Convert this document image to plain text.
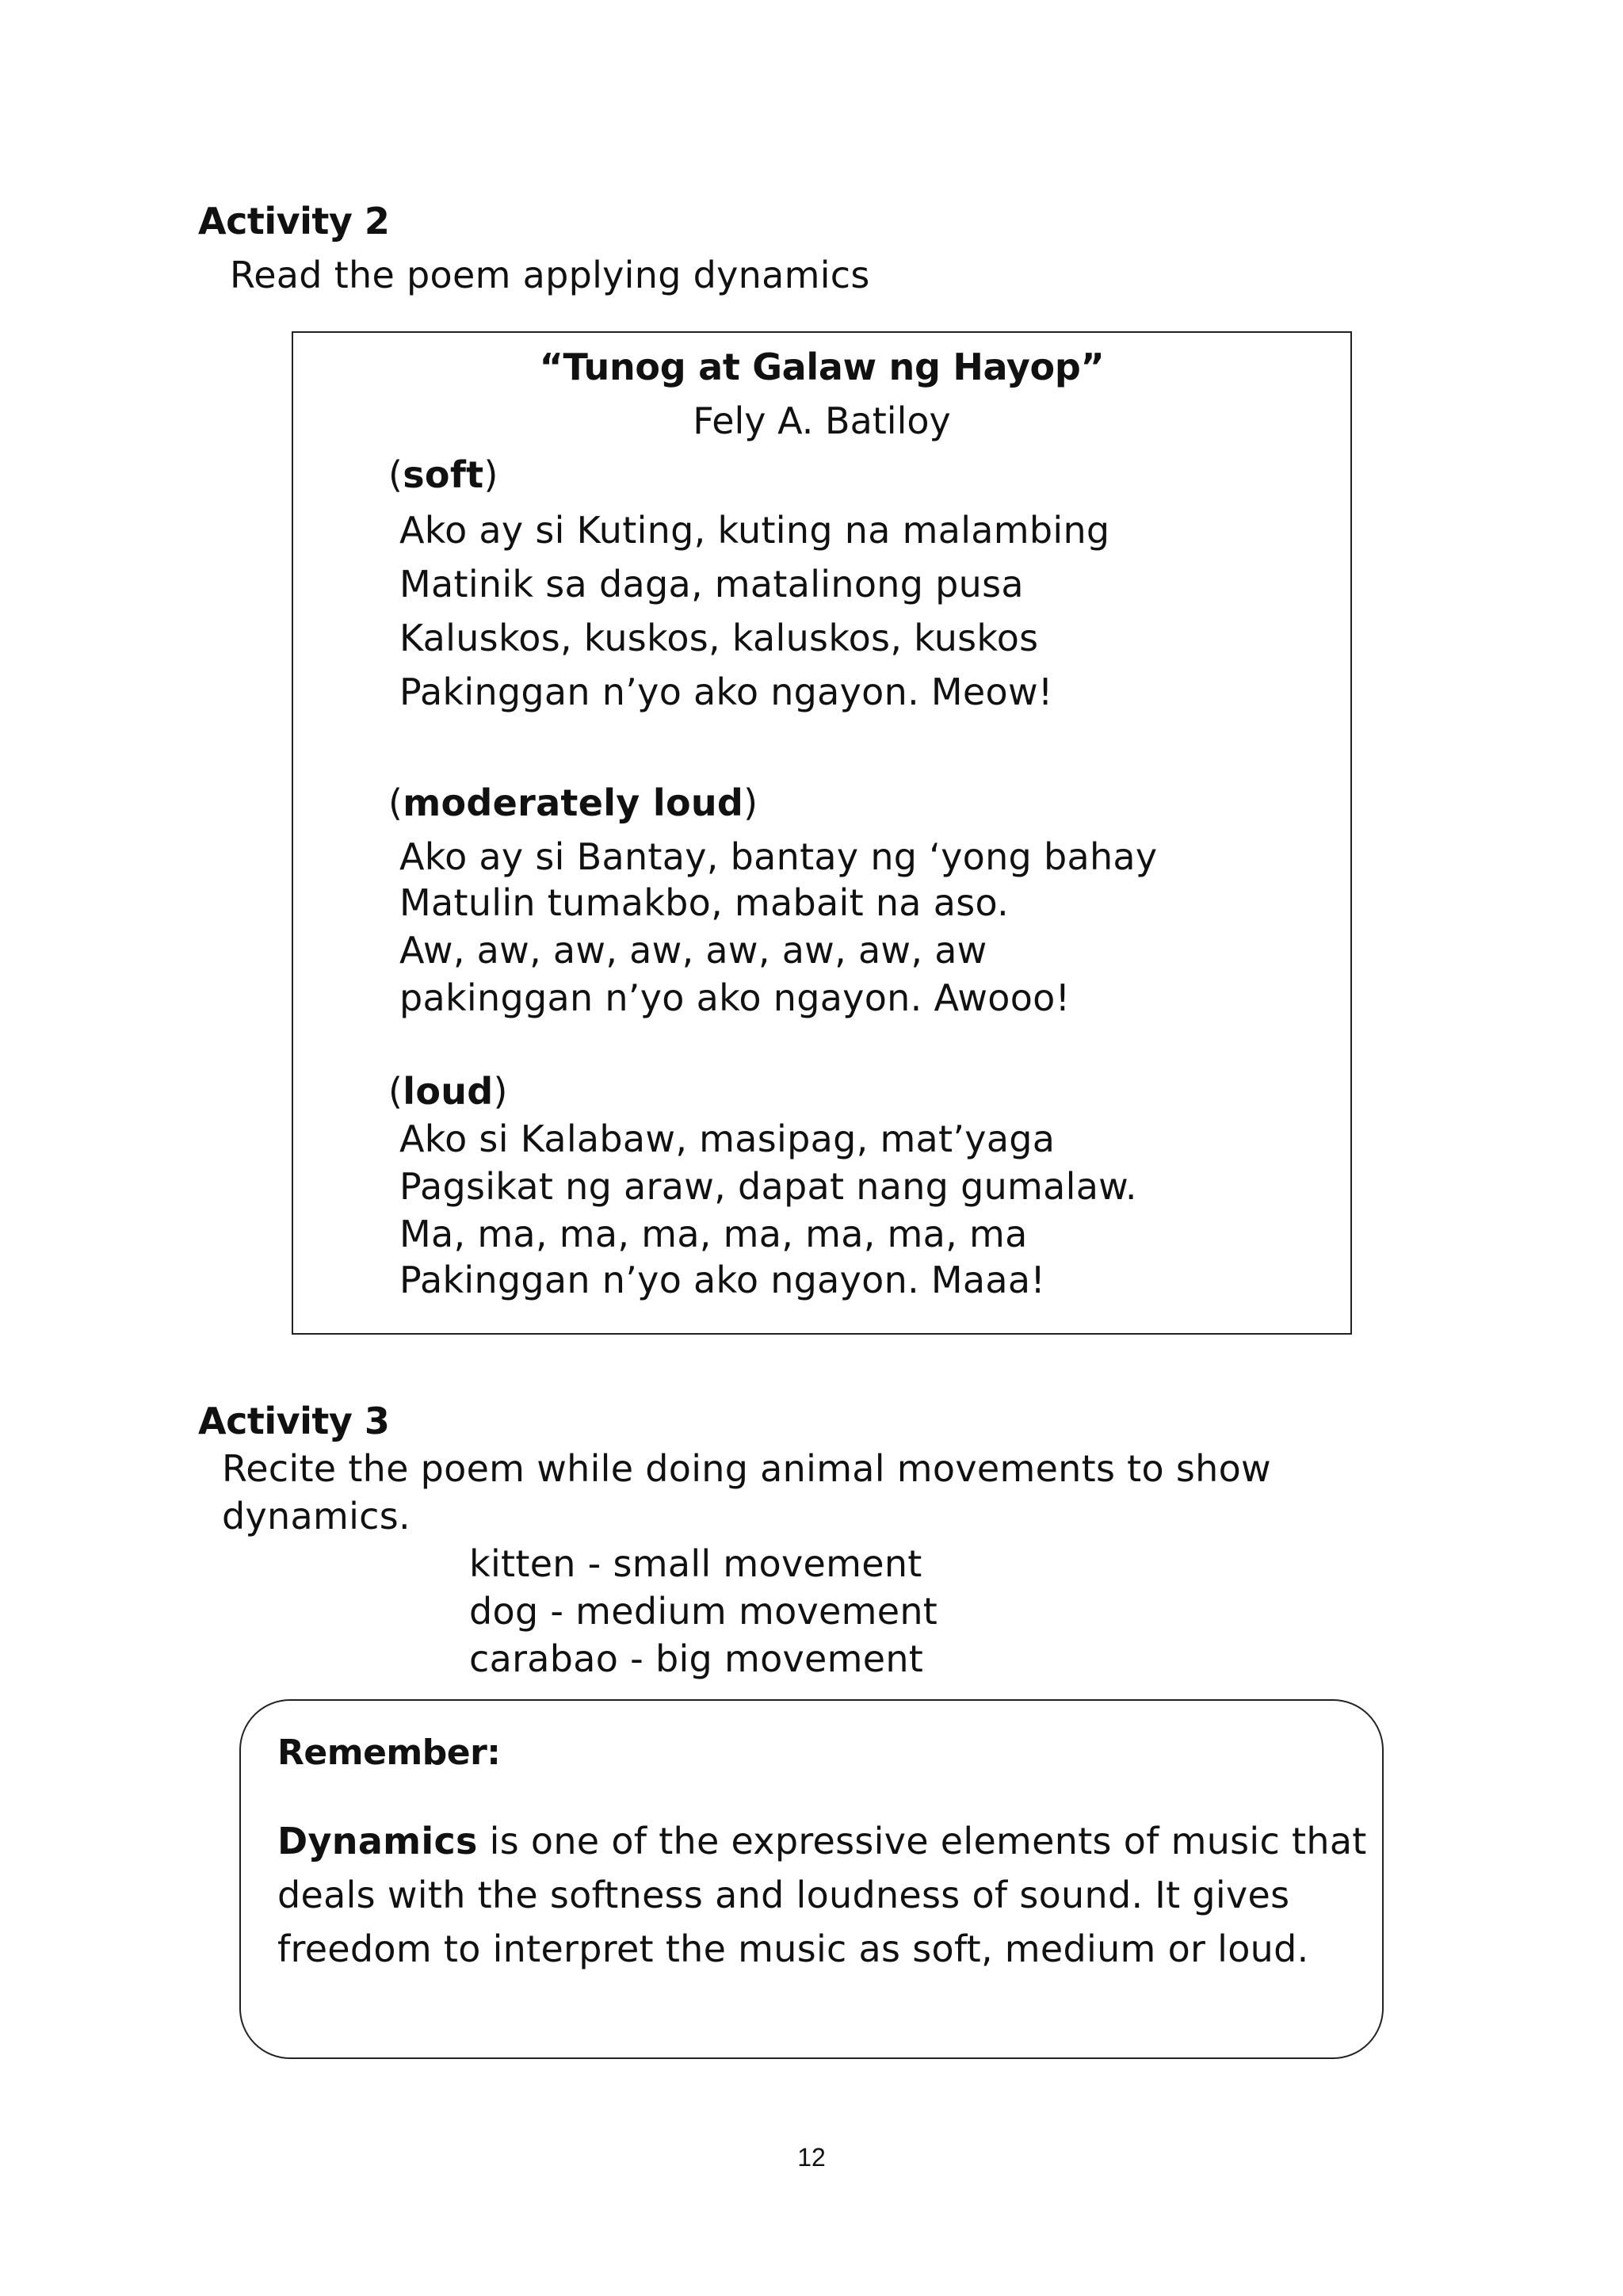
Activity 2
Read the poem applying dynamics
“Tunog at Galaw ng Hayop”
Fely A. Batiloy
(soft)
Ako ay si Kuting, kuting na malambing
Matinik sa daga, matalinong pusa
Kaluskos, kuskos, kaluskos, kuskos
Pakinggan n’yo ako ngayon. Meow!
(moderately loud)
Ako ay si Bantay, bantay ng ‘yong bahay
Matulin tumakbo, mabait na aso.
Aw, aw, aw, aw, aw, aw, aw, aw
pakinggan n’yo ako ngayon. Awooo!
(loud)
Ako si Kalabaw, masipag, mat’yaga
Pagsikat ng araw, dapat nang gumalaw.
Ma, ma, ma, ma, ma, ma, ma, ma
Pakinggan n’yo ako ngayon. Maaa!
Activity 3
Recite the poem while doing animal movements to show
dynamics.
kitten - small movement
dog - medium movement
carabao - big movement
Remember:
Dynamics is one of the expressive elements of music that
deals with the softness and loudness of sound. It gives
freedom to interpret the music as soft, medium or loud.
12
